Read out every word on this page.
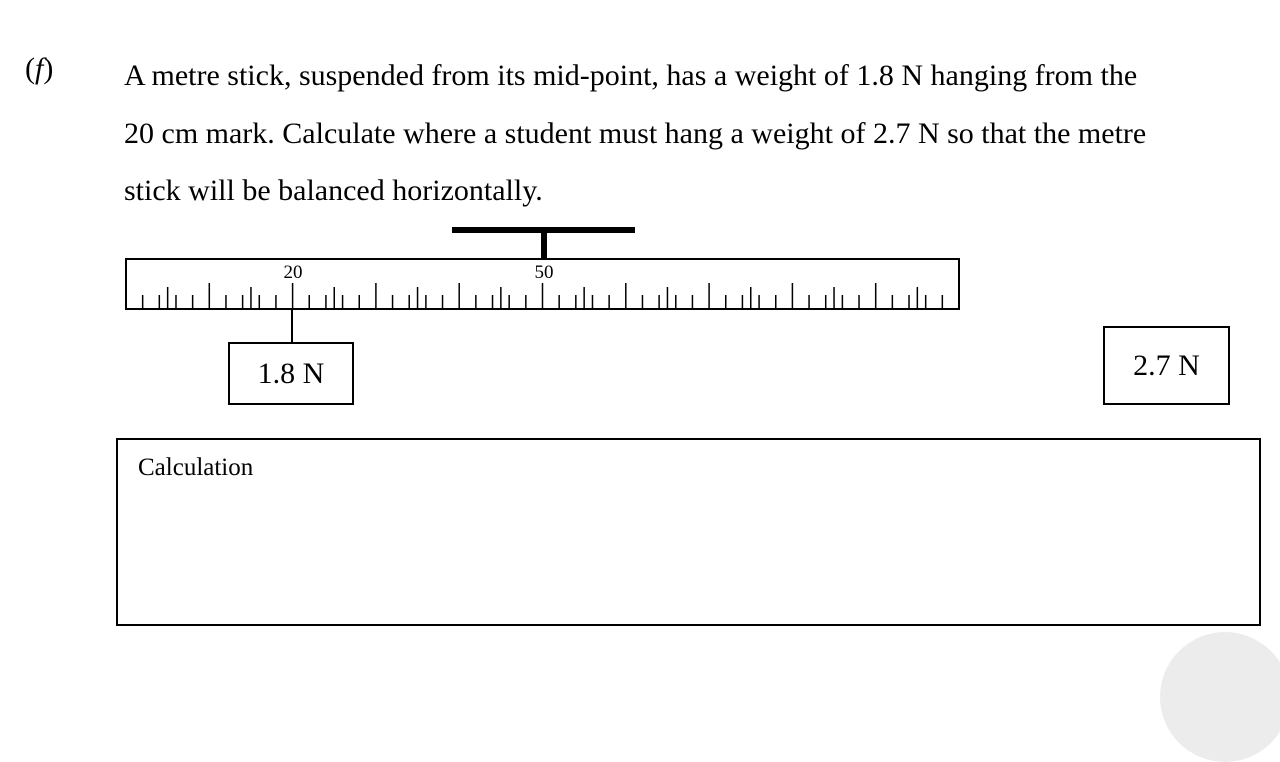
(f) A metre stick, suspended from its mid-point, has a weight of 1.8 N hanging from the
20 cm mark. Calculate where a student must hang a weight of 2.7 N so that the metre
stick will be balanced horizontally.
20	50
1.8 N	2.7 N
Calculation
